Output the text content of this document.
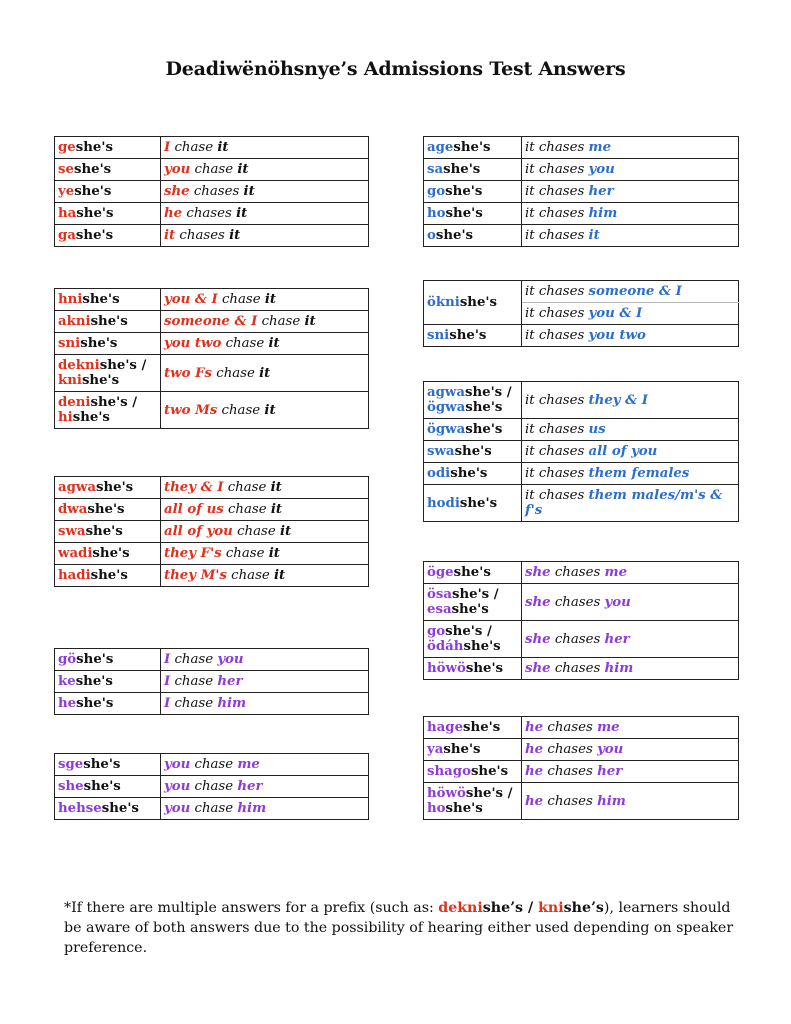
Deadiwënöhsnye’s Admissions Test Answers
geshe's	I chase it
seshe's	you chase it
yeshe's	she chases it
hashe's	he chases it
gashe's	it chases it
hnishe's	you & I chase it
aknishe's	someone & I chase it
snishe's	you two chase it
deknishe's /
knishe's	two Fs chase it
denishe's /
hishe's	two Ms chase it
agwashe's	they & I chase it
dwashe's	all of us chase it
swashe's	all of you chase it
wadishe's	they F's chase it
hadishe's	they M's chase it
göshe's	I chase you
keshe's	I chase her
heshe's	I chase him
sgeshe's	you chase me
sheshe's	you chase her
hehseshe's	you chase him
ageshe's	it chases me
sashe's	it chases you
goshe's	it chases her
hoshe's	it chases him
oshe's	it chases it
öknishe's	it chases someone & I
	it chases you & I
snishe's	it chases you two
agwashe's /
ögwashe's	it chases they & I
ögwashe's	it chases us
swashe's	it chases all of you
odishe's	it chases them females
hodishe's	it chases them males/m's & f's
ögeshe's	she chases me
ösashe's /
esashe's	she chases you
goshe's /
ödáhshe's	she chases her
höwöshe's	she chases him
hageshe's	he chases me
yashe's	he chases you
shagoshe's	he chases her
höwöshe's /
hoshe's	he chases him
*If there are multiple answers for a prefix (such as: deknishe’s / knishe’s), learners should be aware of both answers due to the possibility of hearing either used depending on speaker preference.
